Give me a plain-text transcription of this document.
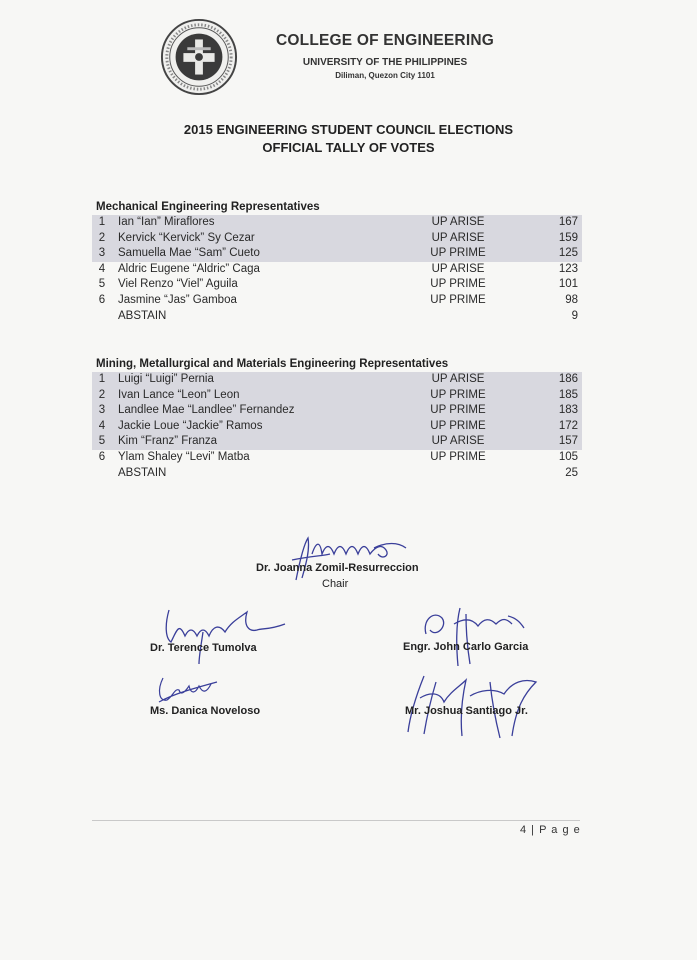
COLLEGE OF ENGINEERING
UNIVERSITY OF THE PHILIPPINES
Diliman, Quezon City 1101
2015 ENGINEERING STUDENT COUNCIL ELECTIONS
OFFICIAL TALLY OF VOTES
Mechanical Engineering Representatives
1	Ian “Ian” Miraflores	UP ARISE	167
2	Kervick “Kervick” Sy Cezar	UP ARISE	159
3	Samuella Mae “Sam” Cueto	UP PRIME	125
4	Aldric Eugene “Aldric” Caga	UP ARISE	123
5	Viel Renzo “Viel” Aguila	UP PRIME	101
6	Jasmine “Jas” Gamboa	UP PRIME	98
	ABSTAIN		9
Mining, Metallurgical and Materials Engineering Representatives
1	Luigi “Luigi” Pernia	UP ARISE	186
2	Ivan Lance “Leon” Leon	UP PRIME	185
3	Landlee Mae “Landlee” Fernandez	UP PRIME	183
4	Jackie Loue “Jackie” Ramos	UP PRIME	172
5	Kim “Franz” Franza	UP ARISE	157
6	Ylam Shaley “Levi” Matba	UP PRIME	105
	ABSTAIN		25
Dr. Joanna Zomil-Resurreccion
Chair
Dr. Terence Tumolva	Engr. John Carlo Garcia
Ms. Danica Noveloso	Mr. Joshua Santiago Jr.
4 | P a g e
